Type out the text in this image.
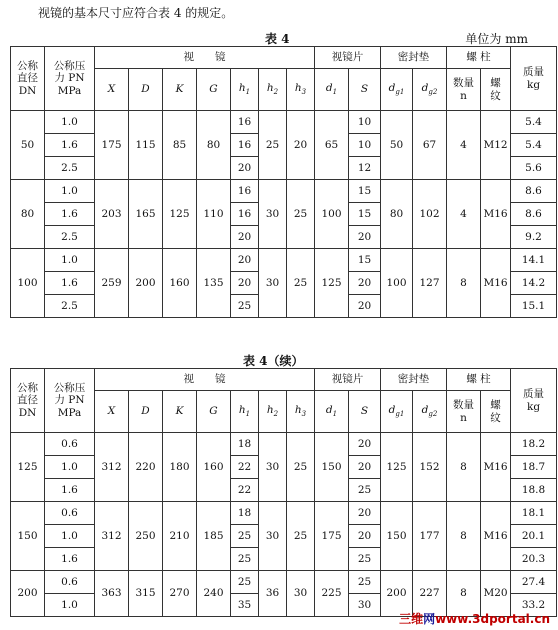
视镜的基本尺寸应符合表 4 的规定。
表 4	单位为 mm
公称
直径
DN	公称压
力 PN
MPa	视　　镜							视镜片		密封垫		螺 柱		质量
kg
		X	D	K	G	$h_1$	$h_2$	$h_3$	$d_1$	S	$d_{g1}$	$d_{g2}$	数量
n	螺
纹	
50	1.0	175	115	85	80	16	25	20	65	10	50	67	4	M12	5.4
	1.6					16				10					5.4
	2.5					20				12					5.6
80	1.0	203	165	125	110	16	30	25	100	15	80	102	4	M16	8.6
	1.6					16				15					8.6
	2.5					20				20					9.2
100	1.0	259	200	160	135	20	30	25	125	15	100	127	8	M16	14.1
	1.6					20				20					14.2
	2.5					25				20					15.1
表 4（续）
公称
直径
DN	公称压
力 PN
MPa	视　　镜							视镜片		密封垫		螺 柱		质量
kg
		X	D	K	G	$h_1$	$h_2$	$h_3$	$d_1$	S	$d_{g1}$	$d_{g2}$	数量
n	螺
纹	
125	0.6	312	220	180	160	18	30	25	150	20	125	152	8	M16	18.2
	1.0					22				20					18.7
	1.6					22				25					18.8
150	0.6	312	250	210	185	18	30	25	175	20	150	177	8	M16	18.1
	1.0					25				20					20.1
	1.6					25				25					20.3
200	0.6	363	315	270	240	25	36	30	225	25	200	227	8	M20	27.4
	1.0					35				30					33.2
三维网www.3dportal.cn
